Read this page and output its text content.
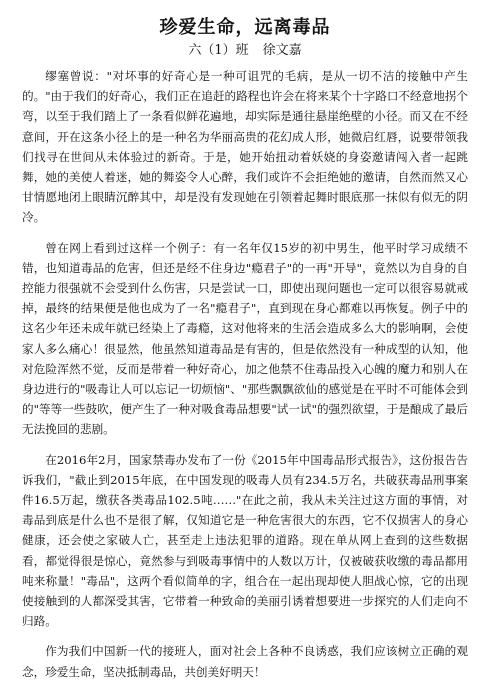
珍爱生命，远离毒品
六（1）班 徐文嘉

缪塞曾说："对坏事的好奇心是一种可诅咒的毛病，是从一切不洁的接触中产生的。"由于我们的好奇心，我们正在追赶的路程也许会在将来某个十字路口不经意地拐个弯，以至于我们踏上了一条看似鲜花遍地，却实际是通往悬崖绝壁的小径。而又在不经意间，开在这条小径上的是一种名为华丽高贵的花幻成人形，她微启红唇，说要带领我们找寻在世间从未体验过的新奇。于是，她开始扭动着妖娆的身姿邀请闯入者一起跳舞，她的美使人着迷，她的舞姿令人心醉，我们或许不会拒绝她的邀请，自然而然又心甘情愿地闭上眼睛沉醉其中，却是没有发现她在引领着起舞时眼底那一抹似有似无的阴冷。

曾在网上看到过这样一个例子：有一名年仅15岁的初中男生，他平时学习成绩不错，也知道毒品的危害，但还是经不住身边"瘾君子"的一再"开导"，竟然以为自身的自控能力很强就不会受到什么伤害，只是尝试一口，即使出现问题也一定可以很容易就戒掉，最终的结果便是他也成为了一名"瘾君子"，直到现在身心都难以再恢复。例子中的这名少年还未成年就已经染上了毒瘾，这对他将来的生活会造成多么大的影响啊，会使家人多么痛心！很显然，他虽然知道毒品是有害的，但是依然没有一种成型的认知，他对危险浑然不觉，反而是带着一种好奇心，加之他禁不住毒品投入心魄的魔力和别人在身边进行的"吸毒让人可以忘记一切烦恼"、"那些飘飘欲仙的感觉是在平时不可能体会到的"等等一些鼓吹，便产生了一种对吸食毒品想要"试一试"的强烈欲望，于是酿成了最后无法挽回的悲剧。

在2016年2月，国家禁毒办发布了一份《2015年中国毒品形式报告》，这份报告告诉我们，"截止到2015年底，在中国发现的吸毒人员有234.5万名，共破获毒品刑事案件16.5万起，缴获各类毒品102.5吨……"在此之前，我从未关注过这方面的事情，对毒品到底是什么也不是很了解，仅知道它是一种危害很大的东西，它不仅损害人的身心健康，还会使之家破人亡，甚至走上违法犯罪的道路。现在单从网上查到的这些数据看，都觉得很是惊心，竟然参与到吸毒事情中的人数以万计，仅被破获收缴的毒品都用吨来称量！"毒品"，这两个看似简单的字，组合在一起出现却使人胆战心惊，它的出现使接触到的人都深受其害，它带着一种致命的美丽引诱着想要进一步探究的人们走向不归路。

作为我们中国新一代的接班人，面对社会上各种不良诱惑，我们应该树立正确的观念，珍爱生命，坚决抵制毒品，共创美好明天！
